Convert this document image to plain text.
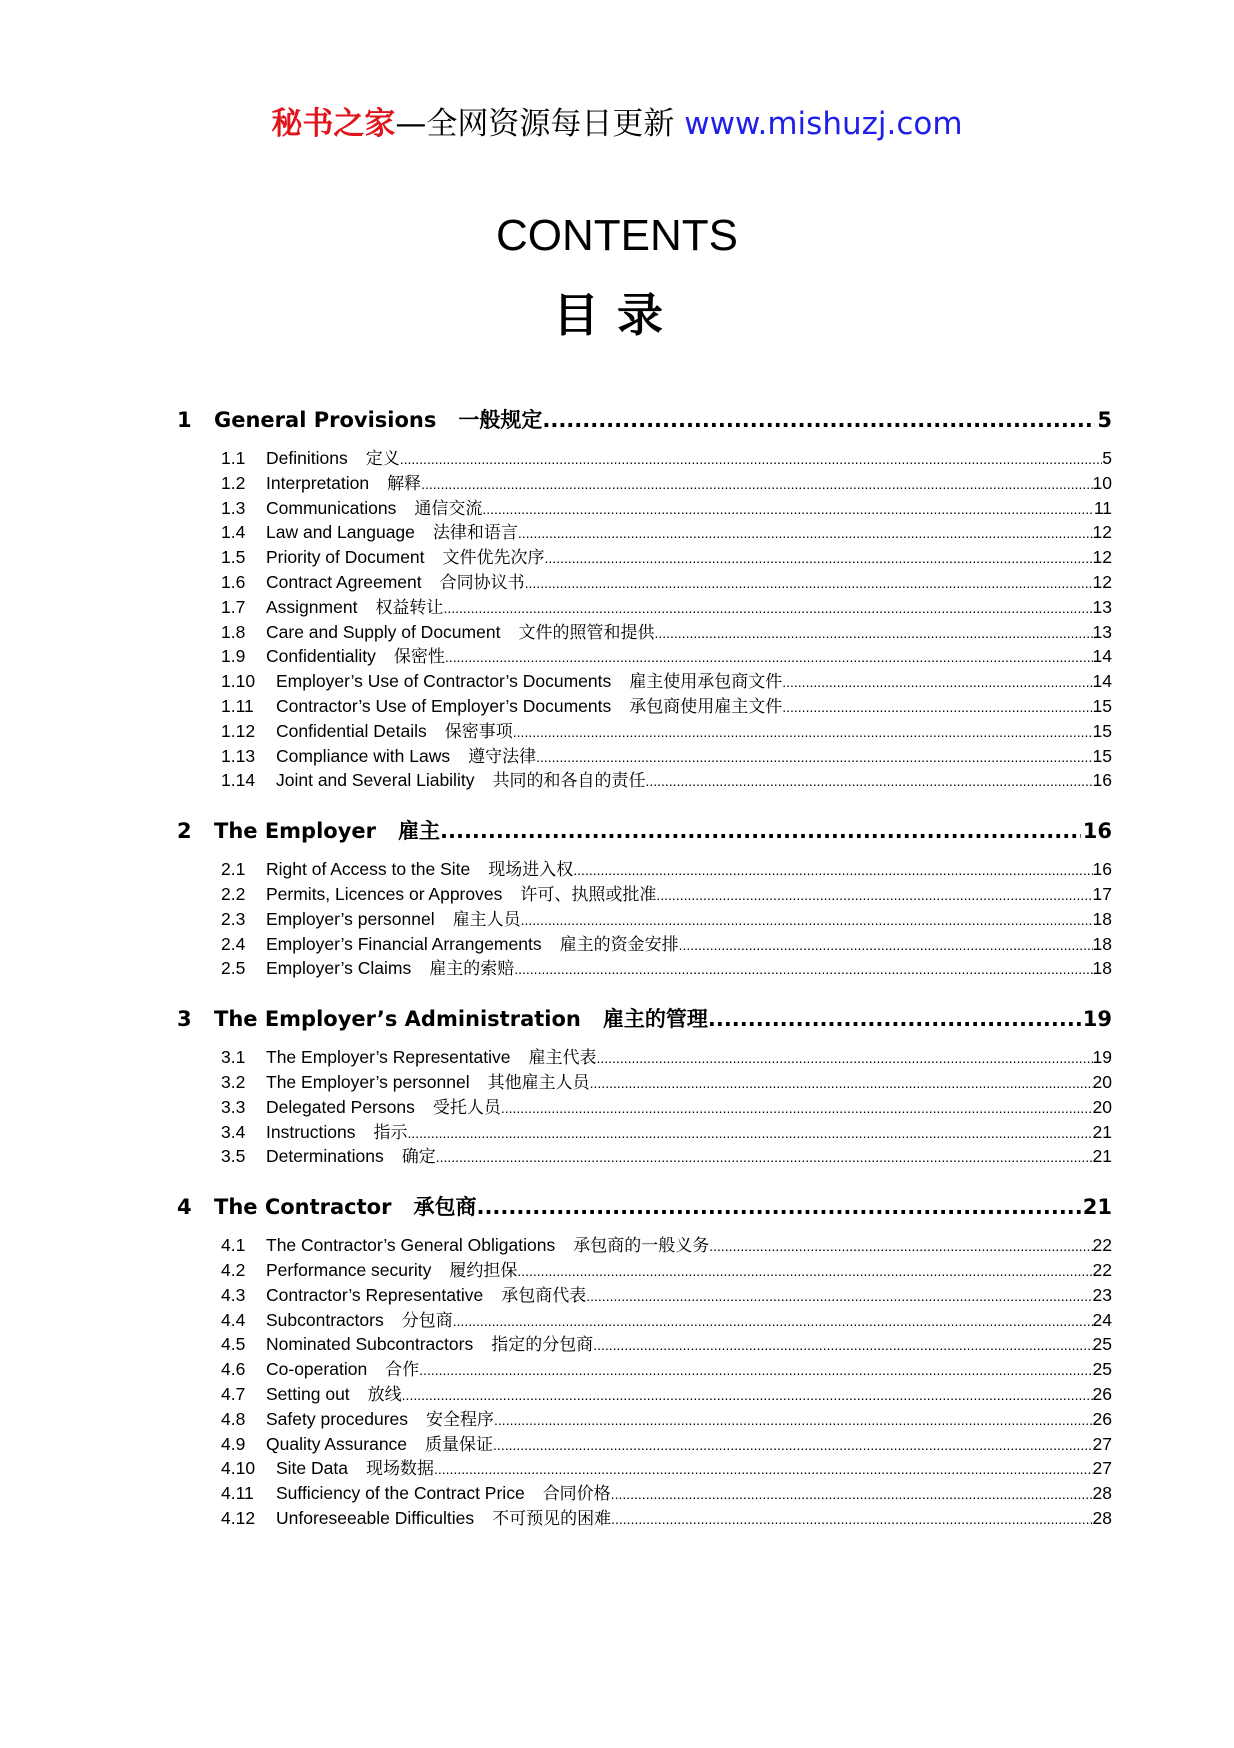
秘书之家—全网资源每日更新 www.mishuzj.com
CONTENTS
目录
1	General Provisions 一般规定 .....	5
1.1	Definitions	定义 .....	5
1.2	Interpretation	解释 .....	10
1.3	Communications	通信交流 .....	11
1.4	Law and Language	法律和语言 .....	12
1.5	Priority of Document	文件优先次序 .....	12
1.6	Contract Agreement	合同协议书 .....	12
1.7	Assignment	权益转让 .....	13
1.8	Care and Supply of Document	文件的照管和提供 .....	13
1.9	Confidentiality	保密性 .....	14
1.10	Employer’s Use of Contractor’s Documents	雇主使用承包商文件 .....	14
1.11	Contractor’s Use of Employer’s Documents	承包商使用雇主文件 .....	15
1.12	Confidential Details	保密事项 .....	15
1.13	Compliance with Laws	遵守法律 .....	15
1.14	Joint and Several Liability	共同的和各自的责任 .....	16
2	The Employer 雇主 .....	16
2.1	Right of Access to the Site	现场进入权 .....	16
2.2	Permits, Licences or Approves	许可、执照或批准 .....	17
2.3	Employer’s personnel	雇主人员 .....	18
2.4	Employer’s Financial Arrangements	雇主的资金安排 .....	18
2.5	Employer’s Claims	雇主的索赔 .....	18
3	The Employer’s Administration 雇主的管理 .....	19
3.1	The Employer’s Representative	雇主代表 .....	19
3.2	The Employer’s personnel	其他雇主人员 .....	20
3.3	Delegated Persons	受托人员 .....	20
3.4	Instructions	指示 .....	21
3.5	Determinations	确定 .....	21
4	The Contractor 承包商 .....	21
4.1	The Contractor’s General Obligations	承包商的一般义务 .....	22
4.2	Performance security	履约担保 .....	22
4.3	Contractor’s Representative	承包商代表 .....	23
4.4	Subcontractors	分包商 .....	24
4.5	Nominated Subcontractors	指定的分包商 .....	25
4.6	Co-operation	合作 .....	25
4.7	Setting out	放线 .....	26
4.8	Safety procedures	安全程序 .....	26
4.9	Quality Assurance	质量保证 .....	27
4.10	Site Data	现场数据 .....	27
4.11	Sufficiency of the Contract Price	合同价格 .....	28
4.12	Unforeseeable Difficulties	不可预见的困难 .....	28
